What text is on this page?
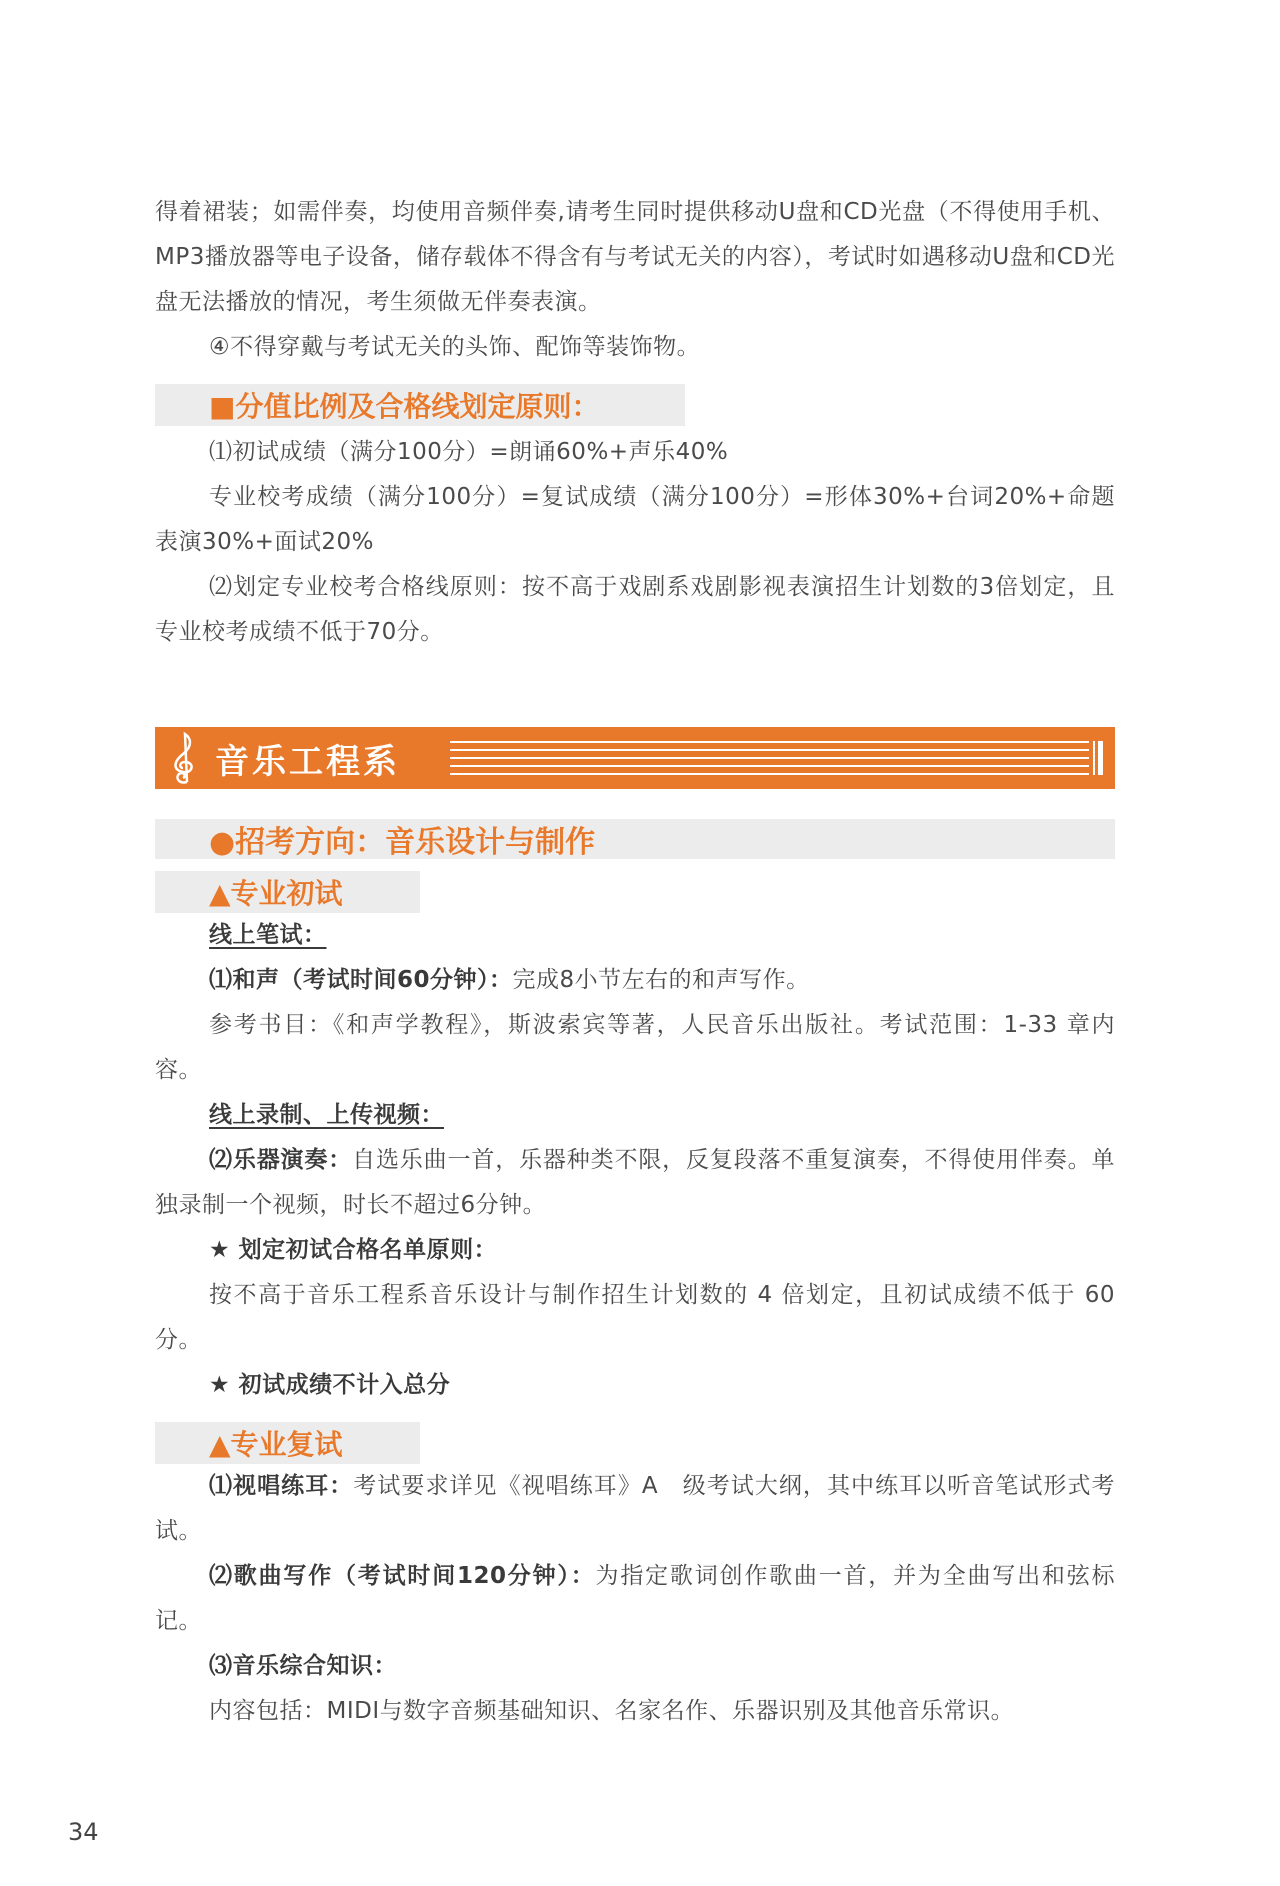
得着裙装；如需伴奏，均使用音频伴奏,请考生同时提供移动U盘和CD光盘（不得使用手机、MP3播放器等电子设备，储存载体不得含有与考试无关的内容），考试时如遇移动U盘和CD光盘无法播放的情况，考生须做无伴奏表演。

④不得穿戴与考试无关的头饰、配饰等装饰物。

■分值比例及合格线划定原则：

⑴初试成绩（满分100分）=朗诵60%+声乐40%

专业校考成绩（满分100分）=复试成绩（满分100分）=形体30%+台词20%+命题表演30%+面试20%

⑵划定专业校考合格线原则：按不高于戏剧系戏剧影视表演招生计划数的3倍划定，且专业校考成绩不低于70分。

音乐工程系
●招考方向：音乐设计与制作
▲专业初试

线上笔试：

⑴和声（考试时间60分钟）：完成8小节左右的和声写作。

参考书目：《和声学教程》，斯波索宾等著，人民音乐出版社。考试范围：1-33 章内容。

线上录制、上传视频：

⑵乐器演奏：自选乐曲一首，乐器种类不限，反复段落不重复演奏，不得使用伴奏。单独录制一个视频，时长不超过6分钟。

★ 划定初试合格名单原则：

按不高于音乐工程系音乐设计与制作招生计划数的 4 倍划定，且初试成绩不低于 60 分。

★ 初试成绩不计入总分

▲专业复试

⑴视唱练耳：考试要求详见《视唱练耳》A　级考试大纲，其中练耳以听音笔试形式考试。

⑵歌曲写作（考试时间120分钟）：为指定歌词创作歌曲一首，并为全曲写出和弦标记。

⑶音乐综合知识：

内容包括：MIDI与数字音频基础知识、名家名作、乐器识别及其他音乐常识。

34
